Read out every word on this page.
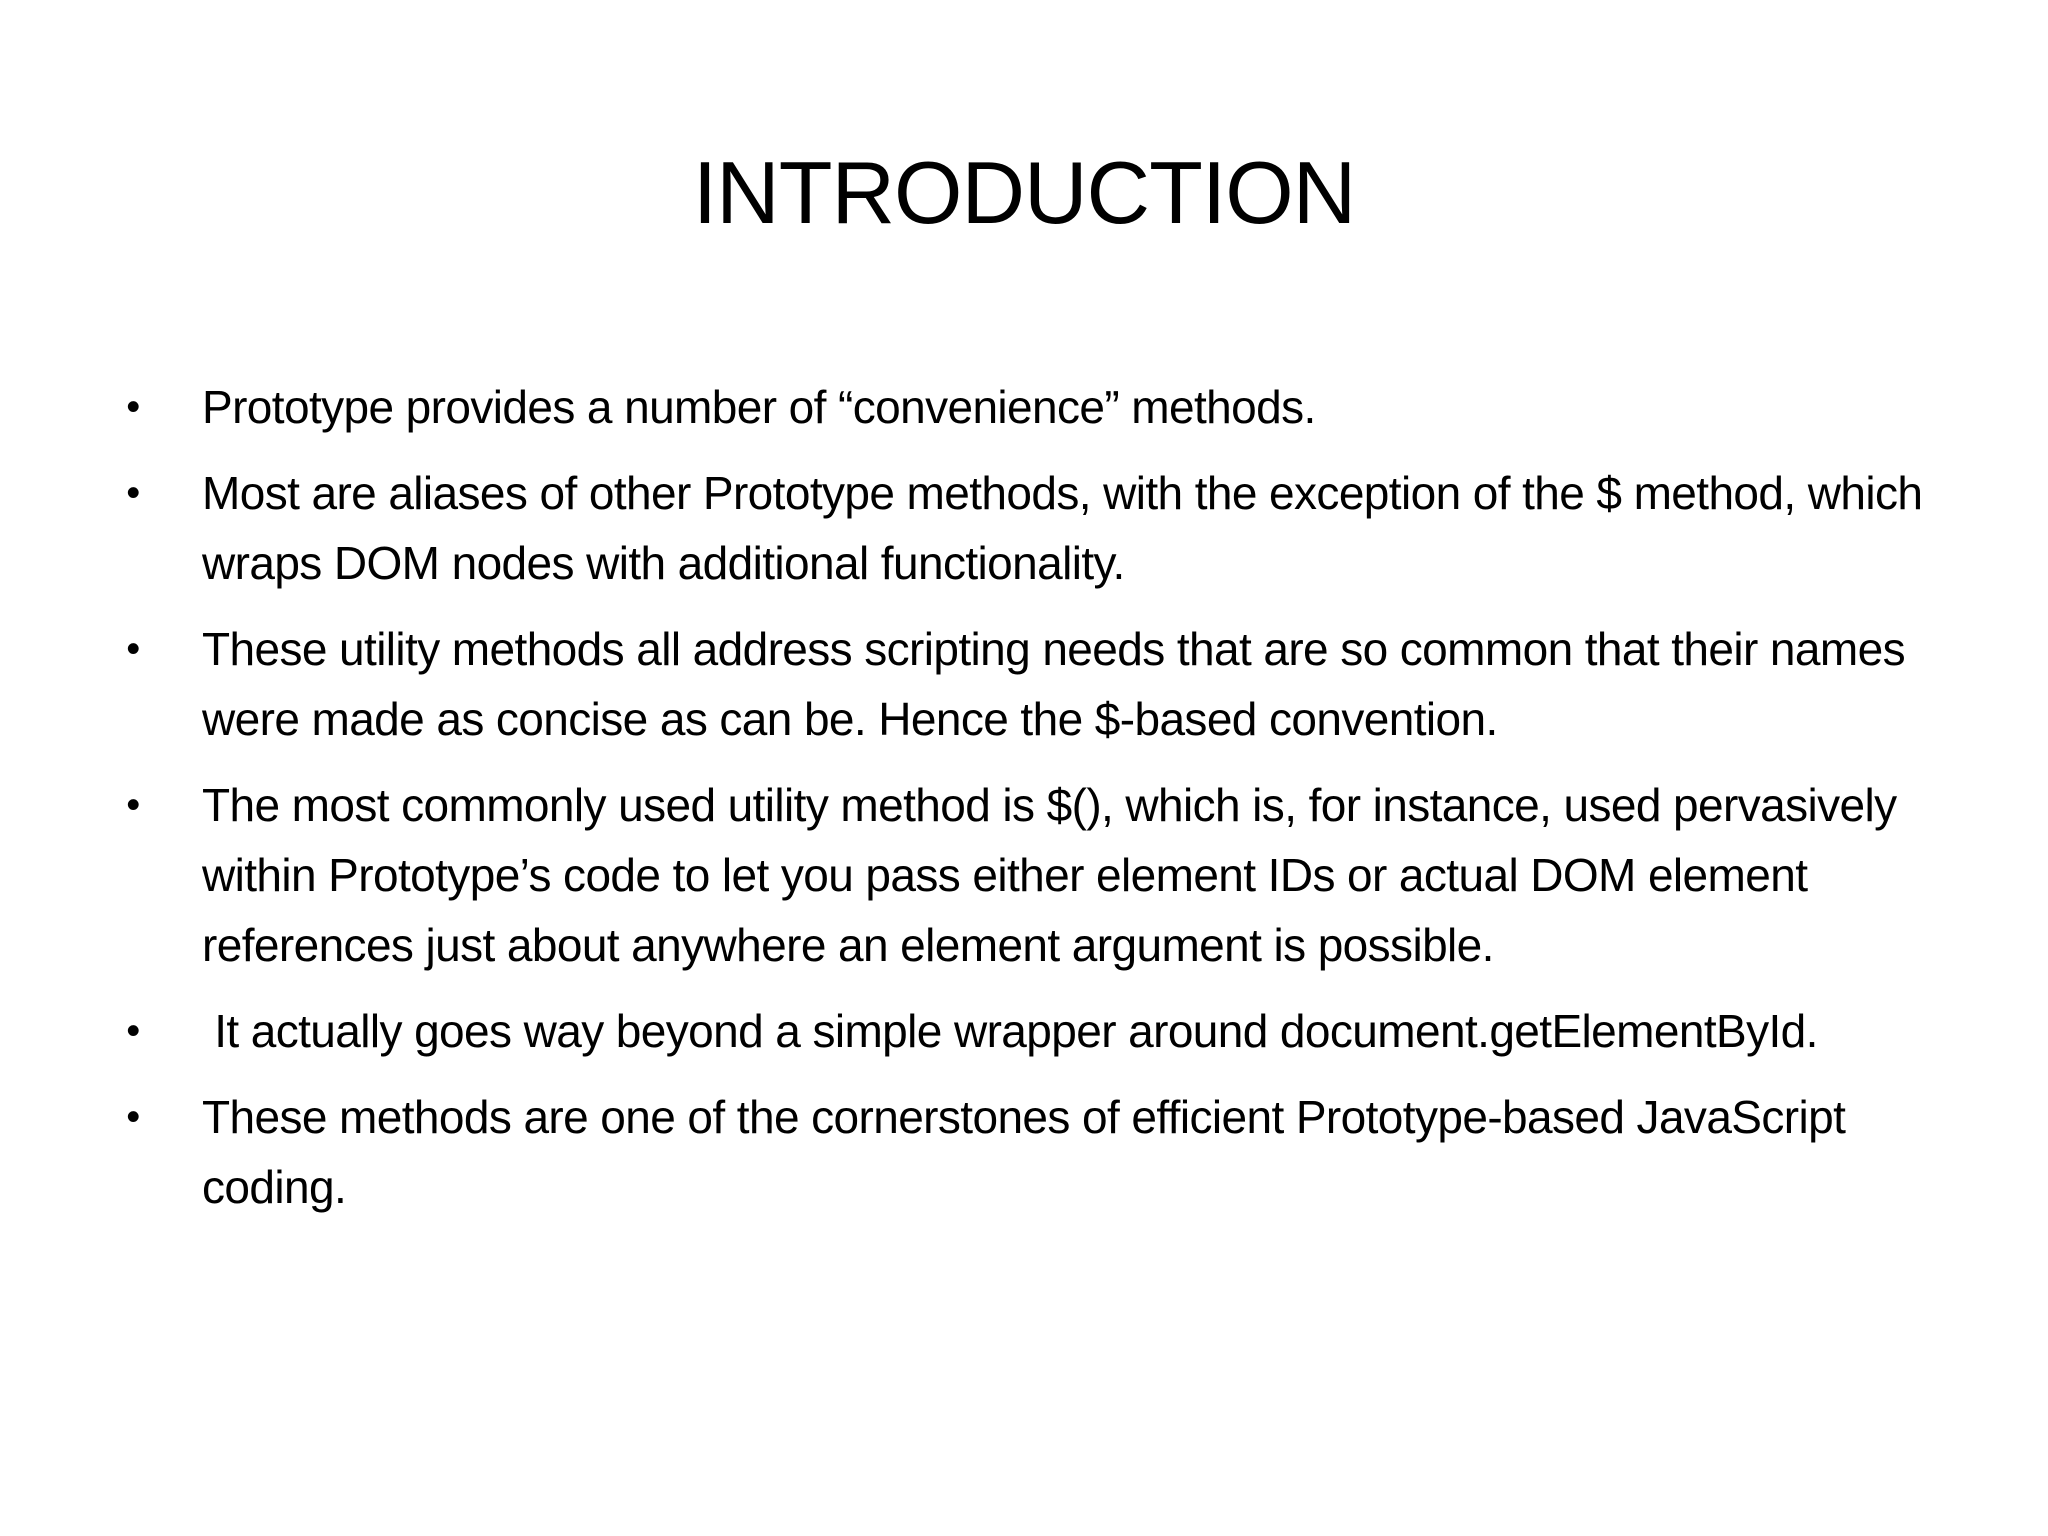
INTRODUCTION
• Prototype provides a number of “convenience” methods.
• Most are aliases of other Prototype methods, with the exception of the $ method, which wraps DOM nodes with additional functionality.
• These utility methods all address scripting needs that are so common that their names were made as concise as can be. Hence the $-based convention.
• The most commonly used utility method is $(), which is, for instance, used pervasively within Prototype’s code to let you pass either element IDs or actual DOM element references just about anywhere an element argument is possible.
• It actually goes way beyond a simple wrapper around document.getElementById.
• These methods are one of the cornerstones of efficient Prototype-based JavaScript coding.
